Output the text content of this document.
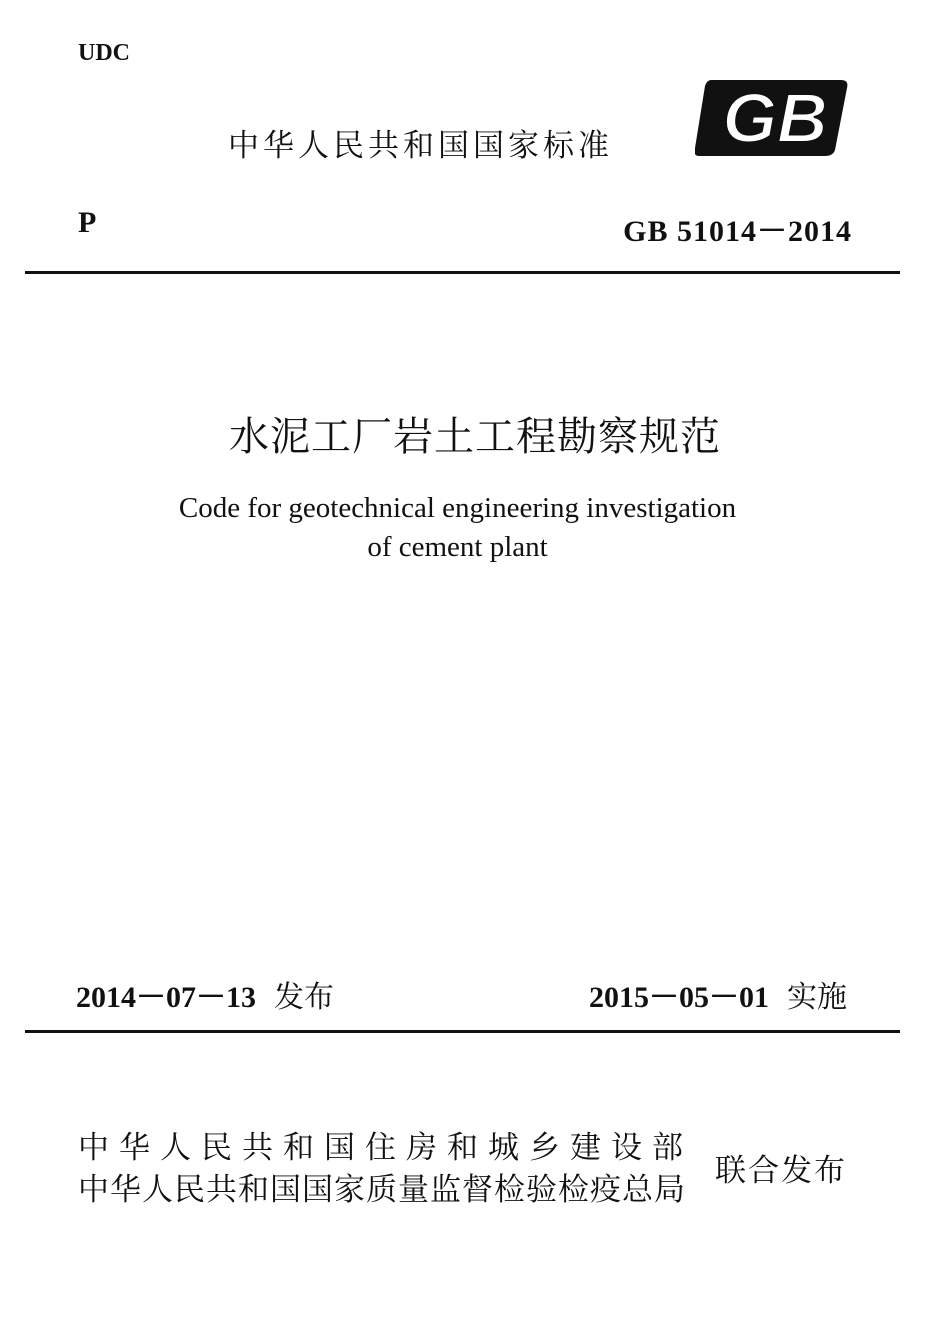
UDC
中华人民共和国国家标准 GB
P	GB 51014－2014
水泥工厂岩土工程勘察规范
Code for geotechnical engineering investigation
of cement plant
2014－07－13 发布	2015－05－01 实施
中华人民共和国住房和城乡建设部
中华人民共和国国家质量监督检验检疫总局
联合发布
